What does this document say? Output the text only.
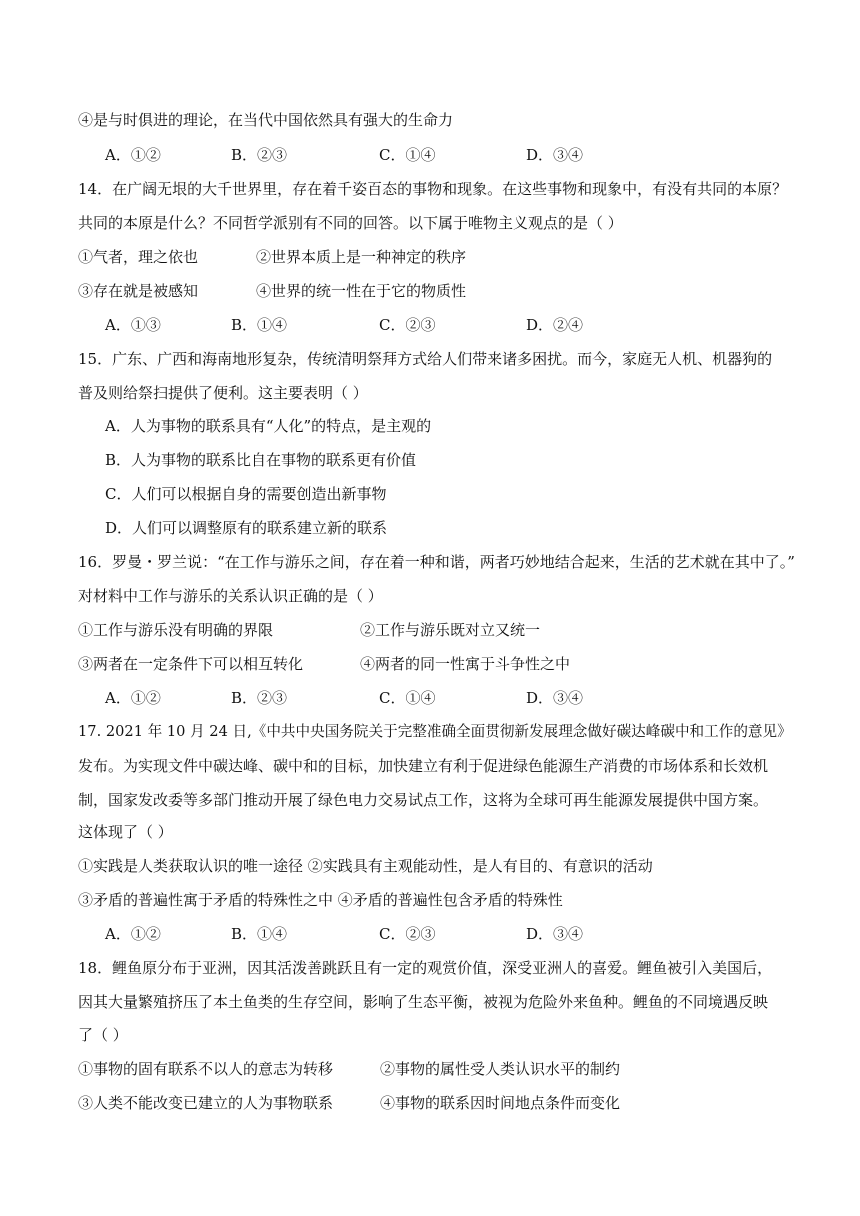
④是与时俱进的理论，在当代中国依然具有强大的生命力
A．①②	B．②③	C．①④	D．③④
14．在广阔无垠的大千世界里，存在着千姿百态的事物和现象。在这些事物和现象中，有没有共同的本原？
共同的本原是什么？不同哲学派别有不同的回答。以下属于唯物主义观点的是（ ）
①气者，理之依也	②世界本质上是一种神定的秩序
③存在就是被感知	④世界的统一性在于它的物质性
A．①③	B．①④	C．②③	D．②④
15．广东、广西和海南地形复杂，传统清明祭拜方式给人们带来诸多困扰。而今，家庭无人机、机器狗的
普及则给祭扫提供了便利。这主要表明（ ）
A．人为事物的联系具有“人化”的特点，是主观的
B．人为事物的联系比自在事物的联系更有价值
C．人们可以根据自身的需要创造出新事物
D．人们可以调整原有的联系建立新的联系
16．罗曼・罗兰说：“在工作与游乐之间，存在着一种和谐，两者巧妙地结合起来，生活的艺术就在其中了。”
对材料中工作与游乐的关系认识正确的是（ ）
①工作与游乐没有明确的界限	②工作与游乐既对立又统一
③两者在一定条件下可以相互转化	④两者的同一性寓于斗争性之中
A．①②	B．②③	C．①④	D．③④
17. 2021 年 10 月 24 日,《中共中央国务院关于完整准确全面贯彻新发展理念做好碳达峰碳中和工作的意见》
发布。为实现文件中碳达峰、碳中和的目标，加快建立有利于促进绿色能源生产消费的市场体系和长效机
制，国家发改委等多部门推动开展了绿色电力交易试点工作，这将为全球可再生能源发展提供中国方案。
这体现了（ ）
①实践是人类获取认识的唯一途径 ②实践具有主观能动性，是人有目的、有意识的活动
③矛盾的普遍性寓于矛盾的特殊性之中 ④矛盾的普遍性包含矛盾的特殊性
A．①②	B．①④	C．②③	D．③④
18．鲤鱼原分布于亚洲，因其活泼善跳跃且有一定的观赏价值，深受亚洲人的喜爱。鲤鱼被引入美国后，
因其大量繁殖挤压了本土鱼类的生存空间，影响了生态平衡，被视为危险外来鱼种。鲤鱼的不同境遇反映
了（ ）
①事物的固有联系不以人的意志为转移	②事物的属性受人类认识水平的制约
③人类不能改变已建立的人为事物联系	④事物的联系因时间地点条件而变化
